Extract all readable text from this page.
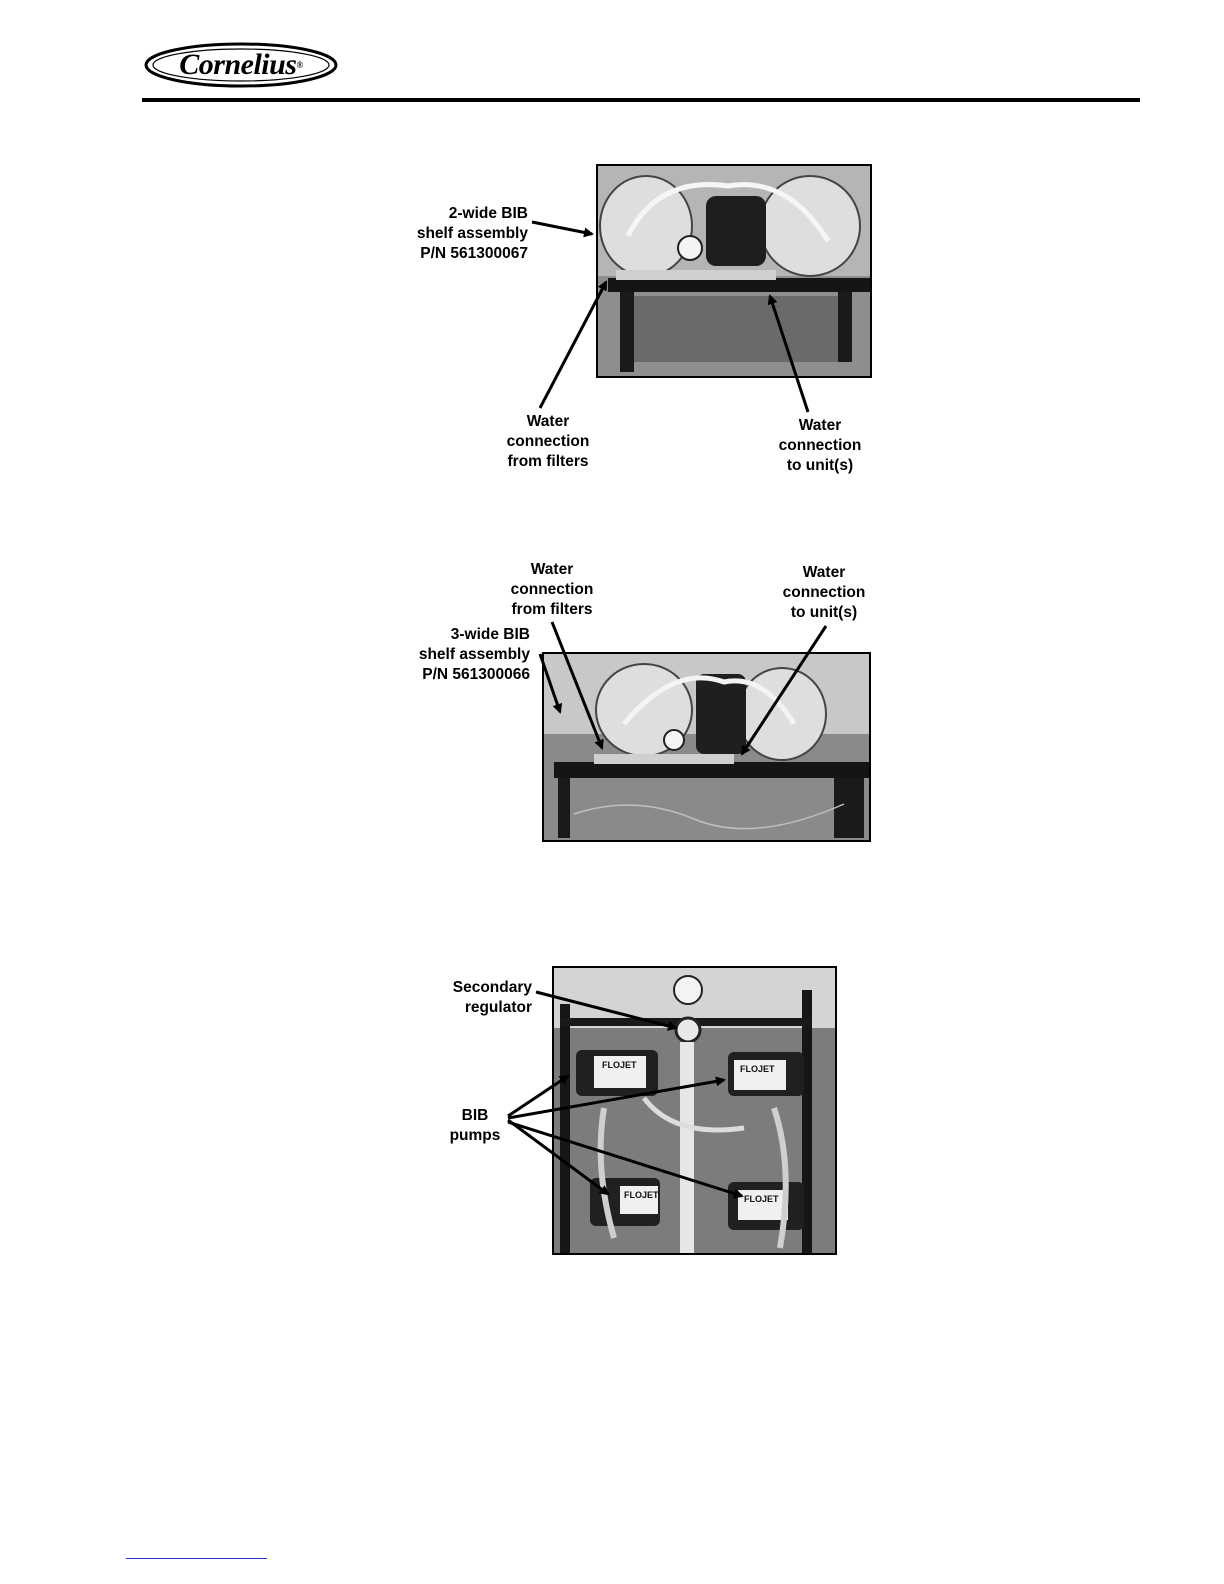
Cornelius ®
2-wide BIB
shelf assembly
P/N 561300067
Water
connection
from filters
Water
connection
to unit(s)
Water
connection
from filters
Water
connection
to unit(s)
3-wide BIB
shelf assembly
P/N 561300066
FLOJET	FLOJET
FLOJET	FLOJET
Secondary
regulator
BIB
pumps
